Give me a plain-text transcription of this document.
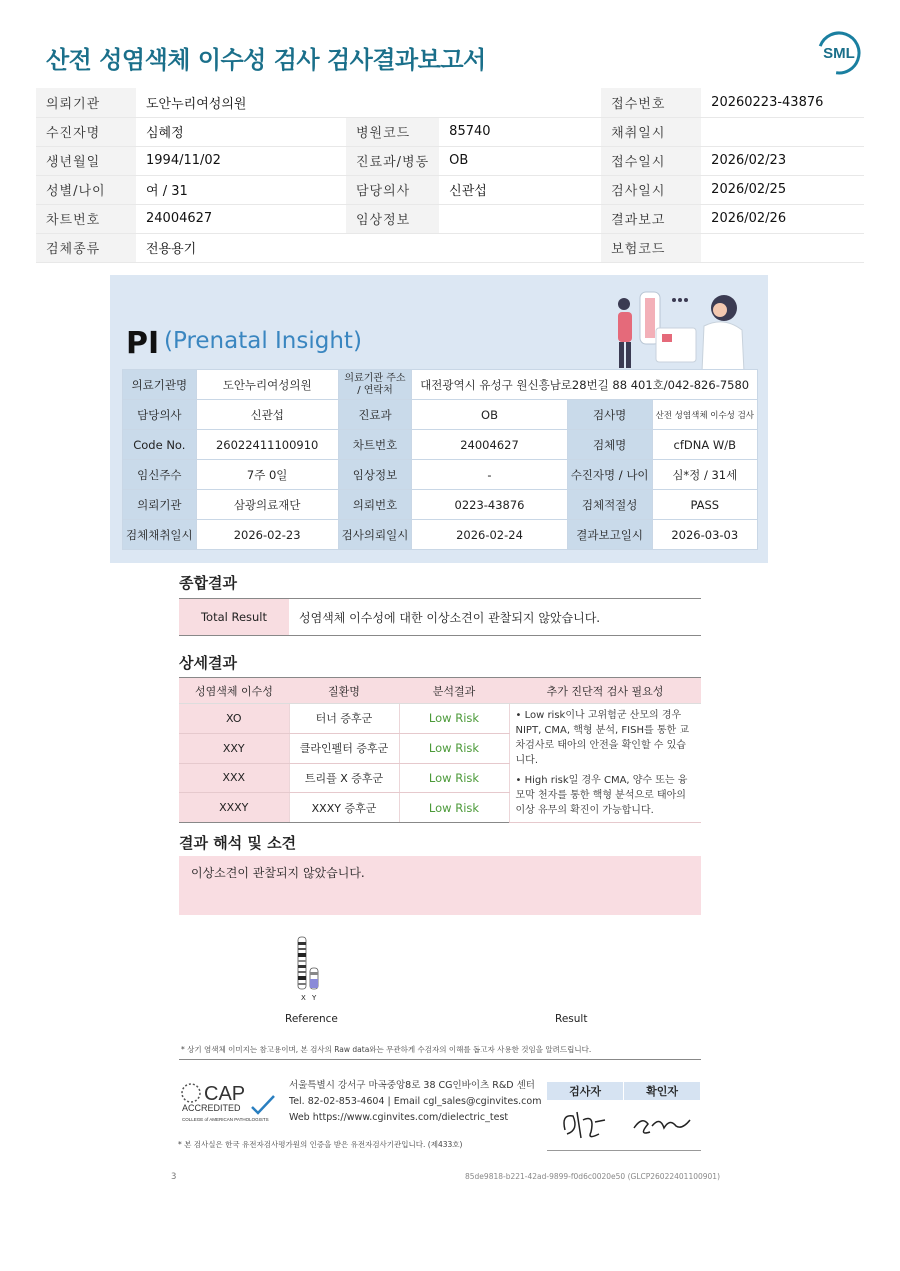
산전 성염색체 이수성 검사 검사결과보고서	SML
의뢰기관	도안누리여성의원			접수번호	20260223-43876
수진자명	심혜정	병원코드	85740	채취일시	
생년월일	1994/11/02	진료과/병동	OB	접수일시	2026/02/23
성별/나이	여 / 31	담당의사	신관섭	검사일시	2026/02/25
차트번호	24004627	임상정보		결과보고	2026/02/26
검체종류	전용용기			보험코드	
PI (Prenatal Insight)
의료기관명	도안누리여성의원	의료기관 주소 / 연락처	대전광역시 유성구 원신흥남로28번길 88 401호/042-826-7580		
담당의사	신관섭	진료과	OB	검사명	산전 성염색체 이수성 검사
Code No.	26022411100910	차트번호	24004627	검체명	cfDNA W/B
임신주수	7주 0일	임상정보	-	수진자명 / 나이	심*정 / 31세
의뢰기관	삼광의료재단	의뢰번호	0223-43876	검체적절성	PASS
검체채취일시	2026-02-23	검사의뢰일시	2026-02-24	결과보고일시	2026-03-03
종합결과
Total Result	성염색체 이수성에 대한 이상소견이 관찰되지 않았습니다.
상세결과
성염색체 이수성	질환명	분석결과	추가 진단적 검사 필요성
XO	터너 증후군	Low Risk	• Low risk이나 고위험군 산모의 경우 NIPT, CMA, 핵형 분석, FISH를 통한 교차검사로 태아의 안전을 확인할 수 있습니다.
• High risk일 경우 CMA, 양수 또는 융모막 천자를 통한 핵형 분석으로 태아의 이상 유무의 확진이 가능합니다.

XXY	클라인펠터 증후군	Low Risk	
XXX	트리플 X 증후군	Low Risk	
XXXY	XXXY 증후군	Low Risk	
결과 해석 및 소견
이상소견이 관찰되지 않았습니다.
X Y
Reference	Result
* 상기 염색체 이미지는 참고용이며, 본 검사의 Raw data와는 무관하게 수검자의 이해를 돕고자 사용한 것임을 알려드립니다.
CAP
ACCREDITED
COLLEGE of AMERICAN PATHOLOGISTS
서울특별시 강서구 마곡중앙8로 38 CG인바이츠 R&D 센터
Tel. 82-02-853-4604 | Email cgl_sales@cginvites.com
Web https://www.cginvites.com/dielectric_test
검사자	확인자

* 본 검사실은 한국 유전자검사평가원의 인증을 받은 유전자검사기관입니다. (제433호)
3	85de9818-b221-42ad-9899-f0d6c0020e50 (GLCP26022401100901)
